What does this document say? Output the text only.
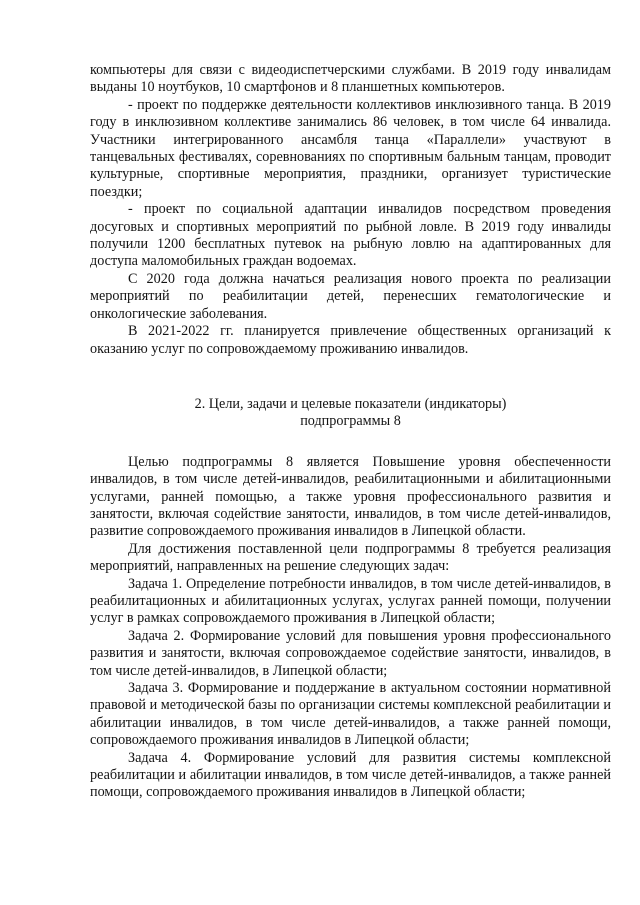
компьютеры для связи с видеодиспетчерскими службами. В 2019 году инвалидам выданы 10 ноутбуков, 10 смартфонов и 8 планшетных компьютеров.

- проект по поддержке деятельности коллективов инклюзивного танца. В 2019 году в инклюзивном коллективе занимались 86 человек, в том числе 64 инвалида. Участники интегрированного ансамбля танца «Параллели» участвуют в танцевальных фестивалях, соревнованиях по спортивным бальным танцам, проводит культурные, спортивные мероприятия, праздники, организует туристические поездки;

- проект по социальной адаптации инвалидов посредством проведения досуговых и спортивных мероприятий по рыбной ловле. В 2019 году инвалиды получили 1200 бесплатных путевок на рыбную ловлю на адаптированных для доступа маломобильных граждан водоемах.

С 2020 года должна начаться реализация нового проекта по реализации мероприятий по реабилитации детей, перенесших гематологические и онкологические заболевания.

В 2021-2022 гг. планируется привлечение общественных организаций к оказанию услуг по сопровождаемому проживанию инвалидов.

2. Цели, задачи и целевые показатели (индикаторы)
подпрограммы 8

Целью подпрограммы 8 является Повышение уровня обеспеченности инвалидов, в том числе детей-инвалидов, реабилитационными и абилитационными услугами, ранней помощью, а также уровня профессионального развития и занятости, включая содействие занятости, инвалидов, в том числе детей-инвалидов, развитие сопровождаемого проживания инвалидов в Липецкой области.

Для достижения поставленной цели подпрограммы 8 требуется реализация мероприятий, направленных на решение следующих задач:

Задача 1. Определение потребности инвалидов, в том числе детей-инвалидов, в реабилитационных и абилитационных услугах, услугах ранней помощи, получении услуг в рамках сопровождаемого проживания в Липецкой области;

Задача 2. Формирование условий для повышения уровня профессионального развития и занятости, включая сопровождаемое содействие занятости, инвалидов, в том числе детей-инвалидов, в Липецкой области;

Задача 3. Формирование и поддержание в актуальном состоянии нормативной правовой и методической базы по организации системы комплексной реабилитации и абилитации инвалидов, в том числе детей-инвалидов, а также ранней помощи, сопровождаемого проживания инвалидов в Липецкой области;

Задача 4. Формирование условий для развития системы комплексной реабилитации и абилитации инвалидов, в том числе детей-инвалидов, а также ранней помощи, сопровождаемого проживания инвалидов в Липецкой области;
